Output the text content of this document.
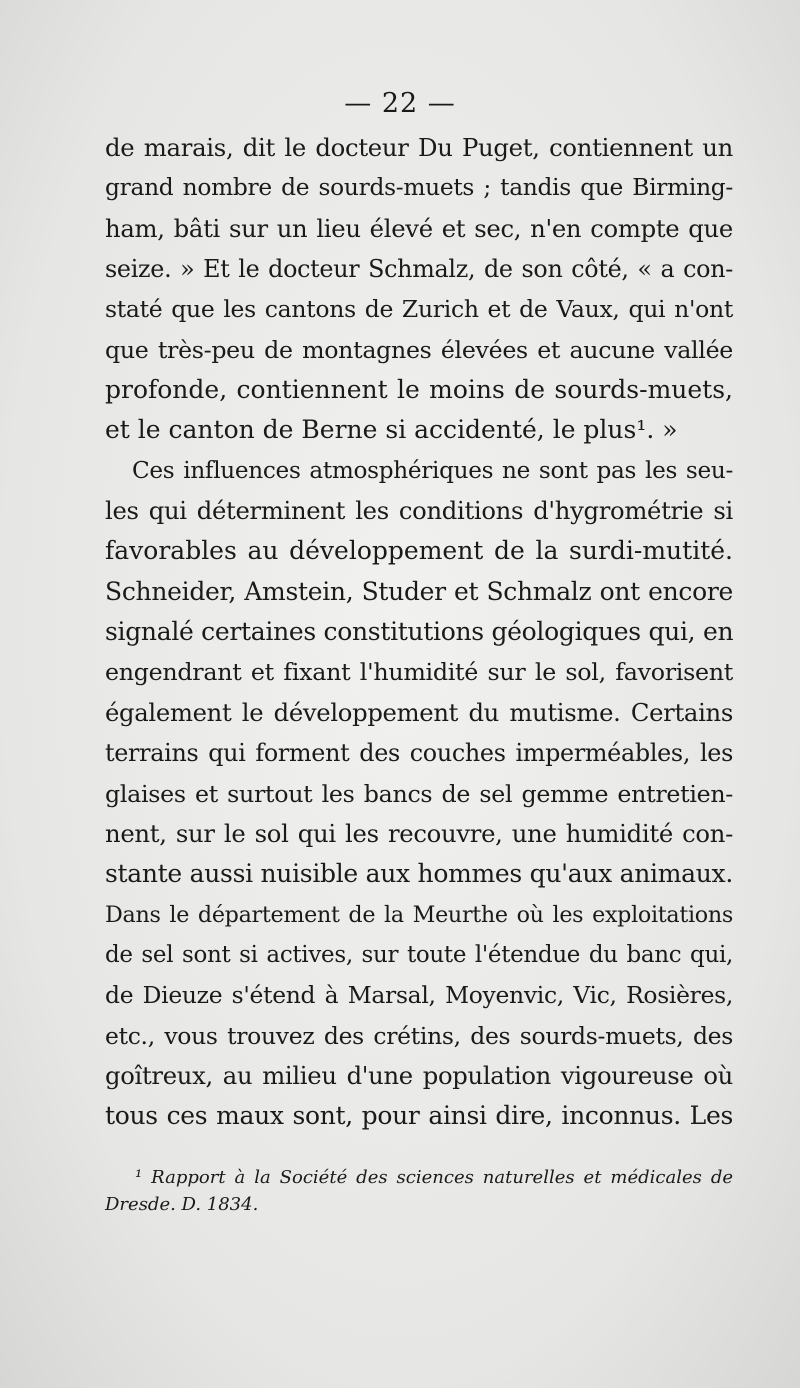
— 22 —
de marais, dit le docteur Du Puget, contiennent un
grand nombre de sourds-muets ; tandis que Birming-
ham, bâti sur un lieu élevé et sec, n'en compte que
seize. » Et le docteur Schmalz, de son côté, « a con-
staté que les cantons de Zurich et de Vaux, qui n'ont
que très-peu de montagnes élevées et aucune vallée
profonde, contiennent le moins de sourds-muets,
et le canton de Berne si accidenté, le plus¹. »
Ces influences atmosphériques ne sont pas les seu-
les qui déterminent les conditions d'hygrométrie si
favorables au développement de la surdi-mutité.
Schneider, Amstein, Studer et Schmalz ont encore
signalé certaines constitutions géologiques qui, en
engendrant et fixant l'humidité sur le sol, favorisent
également le développement du mutisme. Certains
terrains qui forment des couches imperméables, les
glaises et surtout les bancs de sel gemme entretien-
nent, sur le sol qui les recouvre, une humidité con-
stante aussi nuisible aux hommes qu'aux animaux.
Dans le département de la Meurthe où les exploitations
de sel sont si actives, sur toute l'étendue du banc qui,
de Dieuze s'étend à Marsal, Moyenvic, Vic, Rosières,
etc., vous trouvez des crétins, des sourds-muets, des
goîtreux, au milieu d'une population vigoureuse où
tous ces maux sont, pour ainsi dire, inconnus. Les
¹ Rapport à la Société des sciences naturelles et médicales de
Dresde. D. 1834.
